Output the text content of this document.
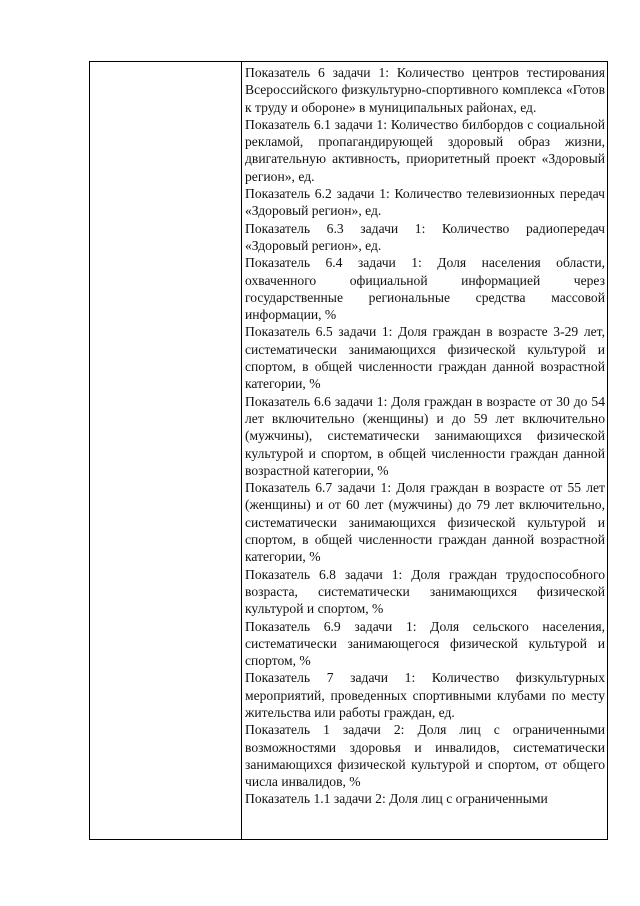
Показатель 6 задачи 1: Количество центров тестирования Всероссийского физкультурно-спортивного комплекса «Готов к труду и обороне» в муниципальных районах, ед.

Показатель 6.1 задачи 1: Количество билбордов с социальной рекламой, пропагандирующей здоровый образ жизни, двигательную активность, приоритетный проект «Здоровый регион», ед.

Показатель 6.2 задачи 1: Количество телевизионных передач «Здоровый регион», ед.

Показатель 6.3 задачи 1: Количество радиопередач «Здоровый регион», ед.

Показатель 6.4 задачи 1: Доля населения области, охваченного официальной информацией через государственные региональные средства массовой информации, %

Показатель 6.5 задачи 1: Доля граждан в возрасте 3-29 лет, систематически занимающихся физической культурой и спортом, в общей численности граждан данной возрастной категории, %

Показатель 6.6 задачи 1: Доля граждан в возрасте от 30 до 54 лет включительно (женщины) и до 59 лет включительно (мужчины), систематически занимающихся физической культурой и спортом, в общей численности граждан данной возрастной категории, %

Показатель 6.7 задачи 1: Доля граждан в возрасте от 55 лет (женщины) и от 60 лет (мужчины) до 79 лет включительно, систематически занимающихся физической культурой и спортом, в общей численности граждан данной возрастной категории, %

Показатель 6.8 задачи 1: Доля граждан трудоспособного возраста, систематически занимающихся физической культурой и спортом, %

Показатель 6.9 задачи 1: Доля сельского населения, систематически занимающегося физической культурой и спортом, %

Показатель 7 задачи 1: Количество физкультурных мероприятий, проведенных спортивными клубами по месту жительства или работы граждан, ед.

Показатель 1 задачи 2: Доля лиц с ограниченными возможностями здоровья и инвалидов, систематически занимающихся физической культурой и спортом, от общего числа инвалидов, %

Показатель 1.1 задачи 2: Доля лиц с ограниченными
